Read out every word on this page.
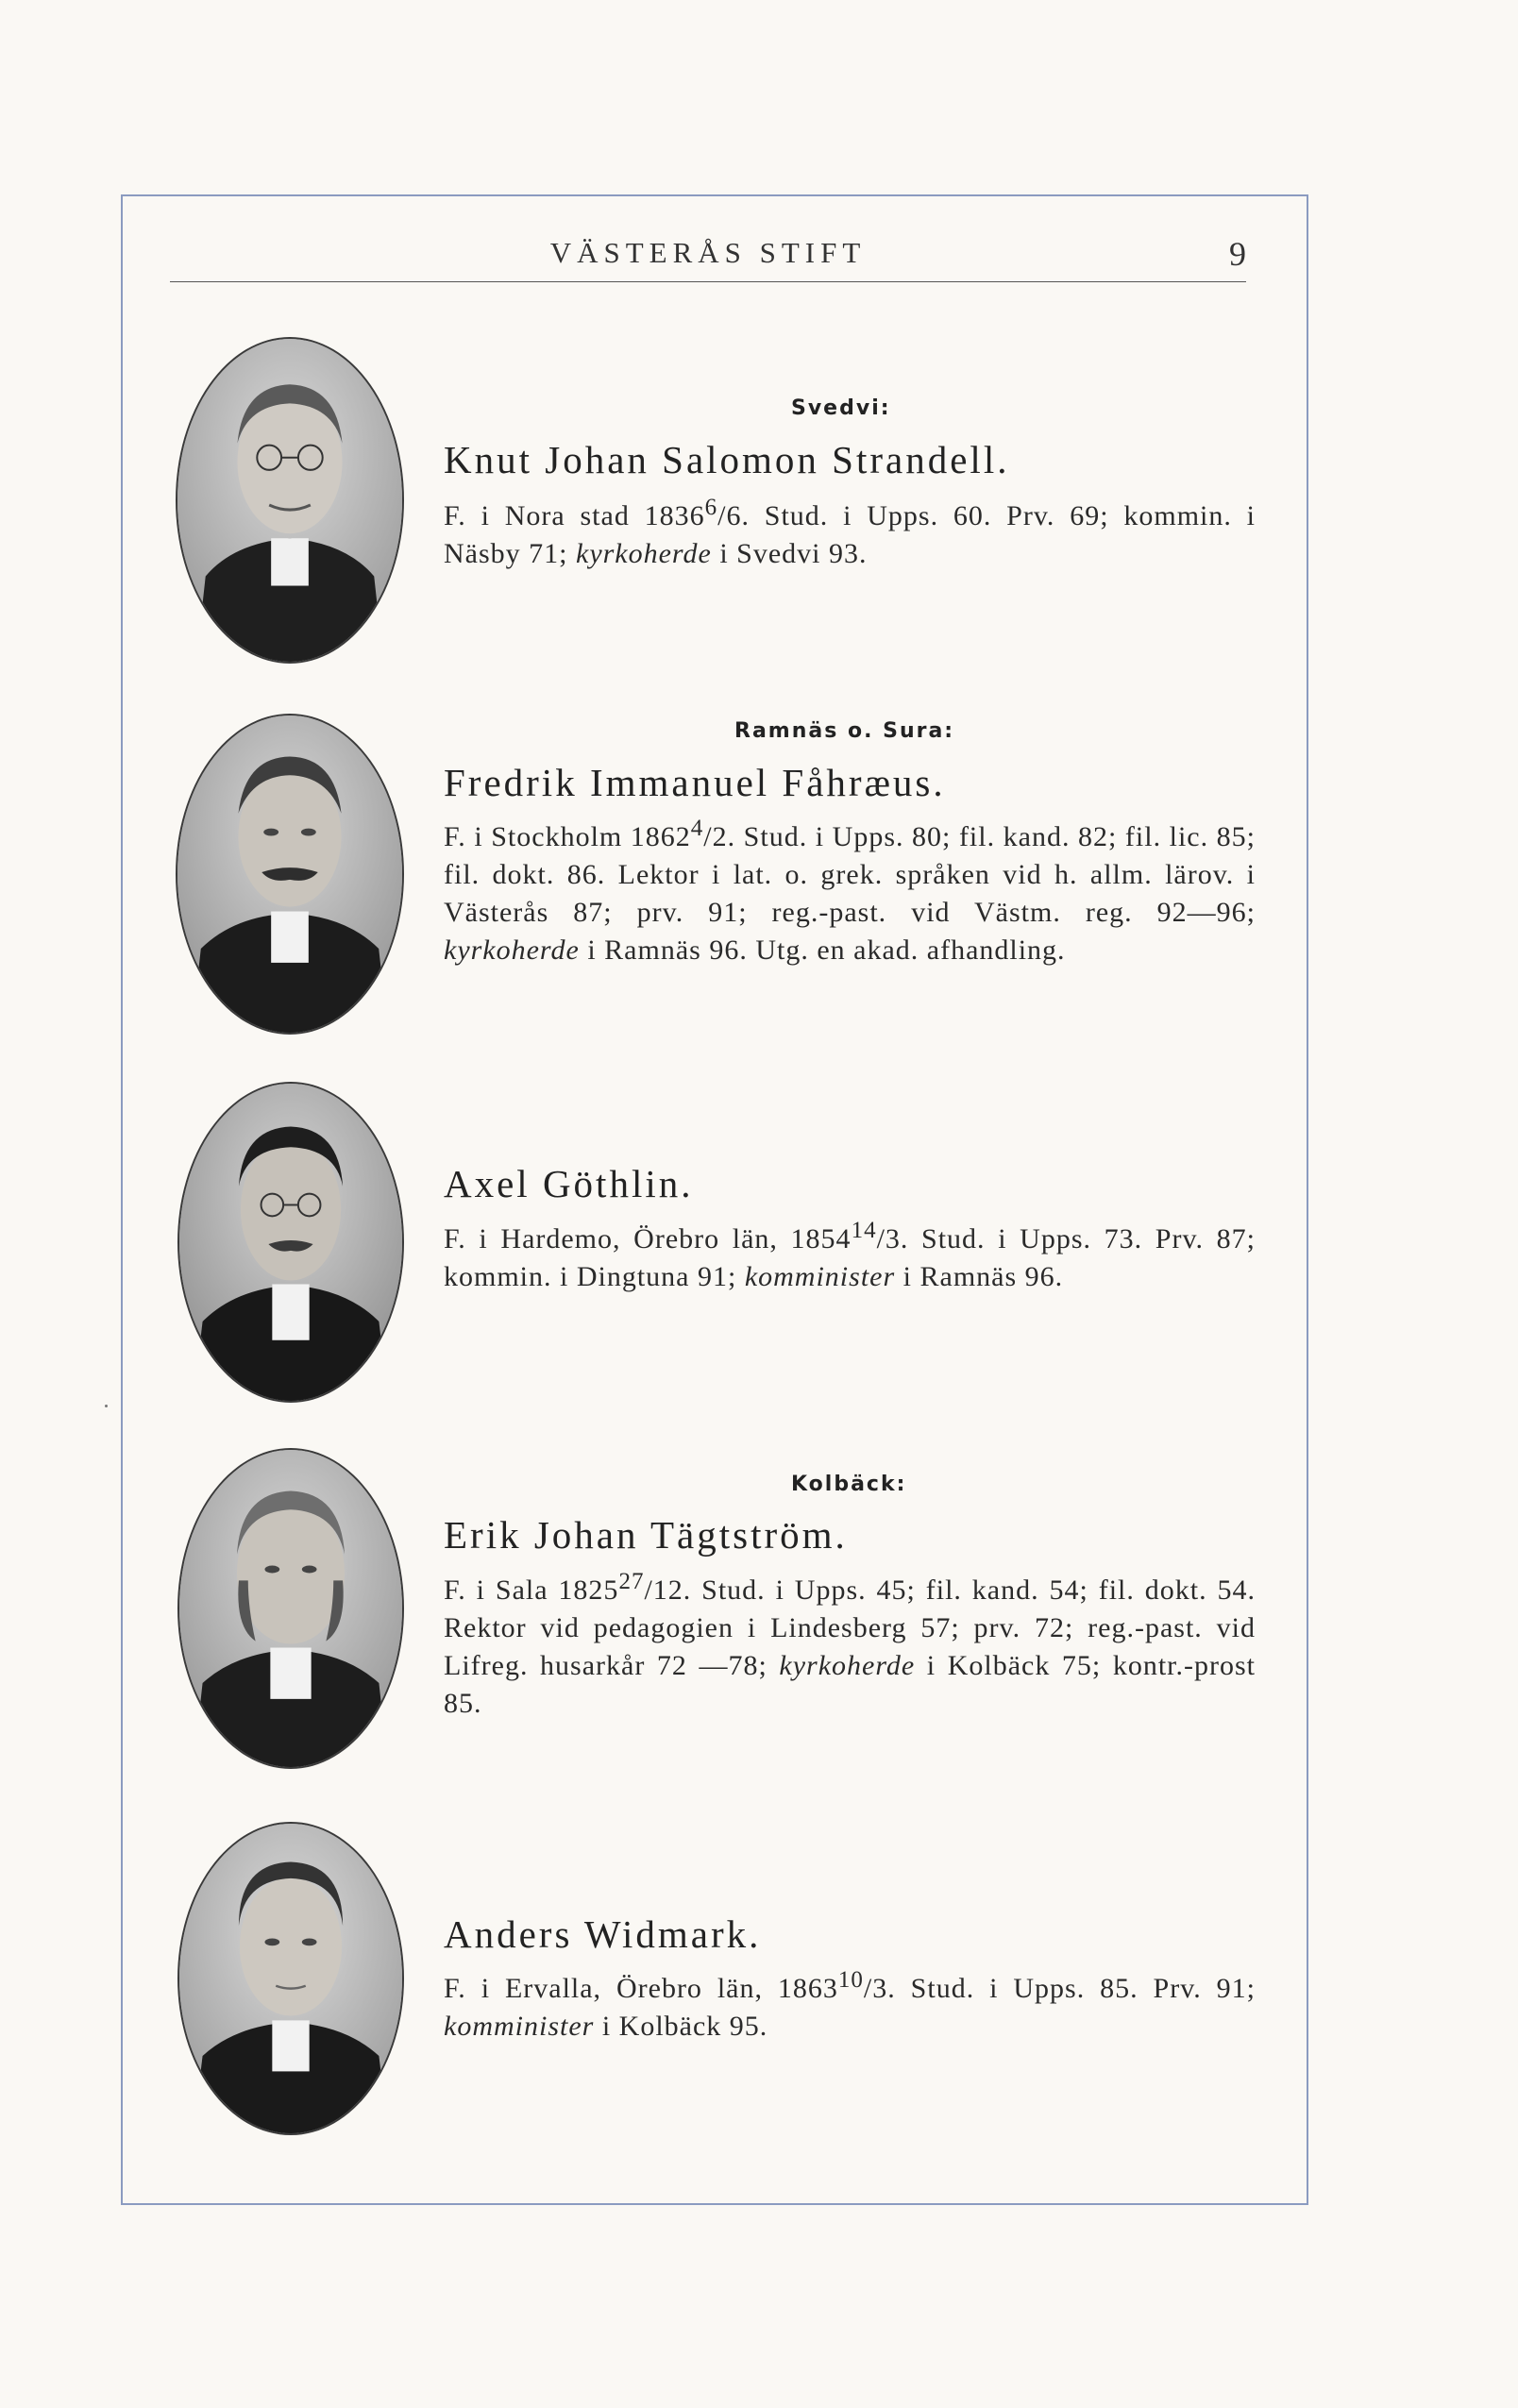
VÄSTERÅS STIFT	9
Svedvi:
Knut Johan Salomon Strandell.
F. i Nora stad 1836$^6$/6. Stud. i Upps. 60. Prv. 69; kommin. i Näsby 71; kyrkoherde i Svedvi 93.
Ramnäs o. Sura:
Fredrik Immanuel Fåhræus.
F. i Stockholm 1862$^4$/2. Stud. i Upps. 80; fil. kand. 82; fil. lic. 85; fil. dokt. 86. Lektor i lat. o. grek. språken vid h. allm. lärov. i Västerås 87; prv. 91; reg.-past. vid Västm. reg. 92—96; kyrkoherde i Ramnäs 96. Utg. en akad. afhandling.
Axel Göthlin.
F. i Hardemo, Örebro län, 1854$^{14}$/3. Stud. i Upps. 73. Prv. 87; kommin. i Dingtuna 91; komminister i Ramnäs 96.
Kolbäck:
Erik Johan Tägtström.
F. i Sala 1825$^{27}$/12. Stud. i Upps. 45; fil. kand. 54; fil. dokt. 54. Rektor vid pedagogien i Lindesberg 57; prv. 72; reg.-past. vid Lifreg. husarkår 72 —78; kyrkoherde i Kolbäck 75; kontr.-prost 85.
Anders Widmark.
F. i Ervalla, Örebro län, 1863$^{10}$/3. Stud. i Upps. 85. Prv. 91; komminister i Kolbäck 95.
